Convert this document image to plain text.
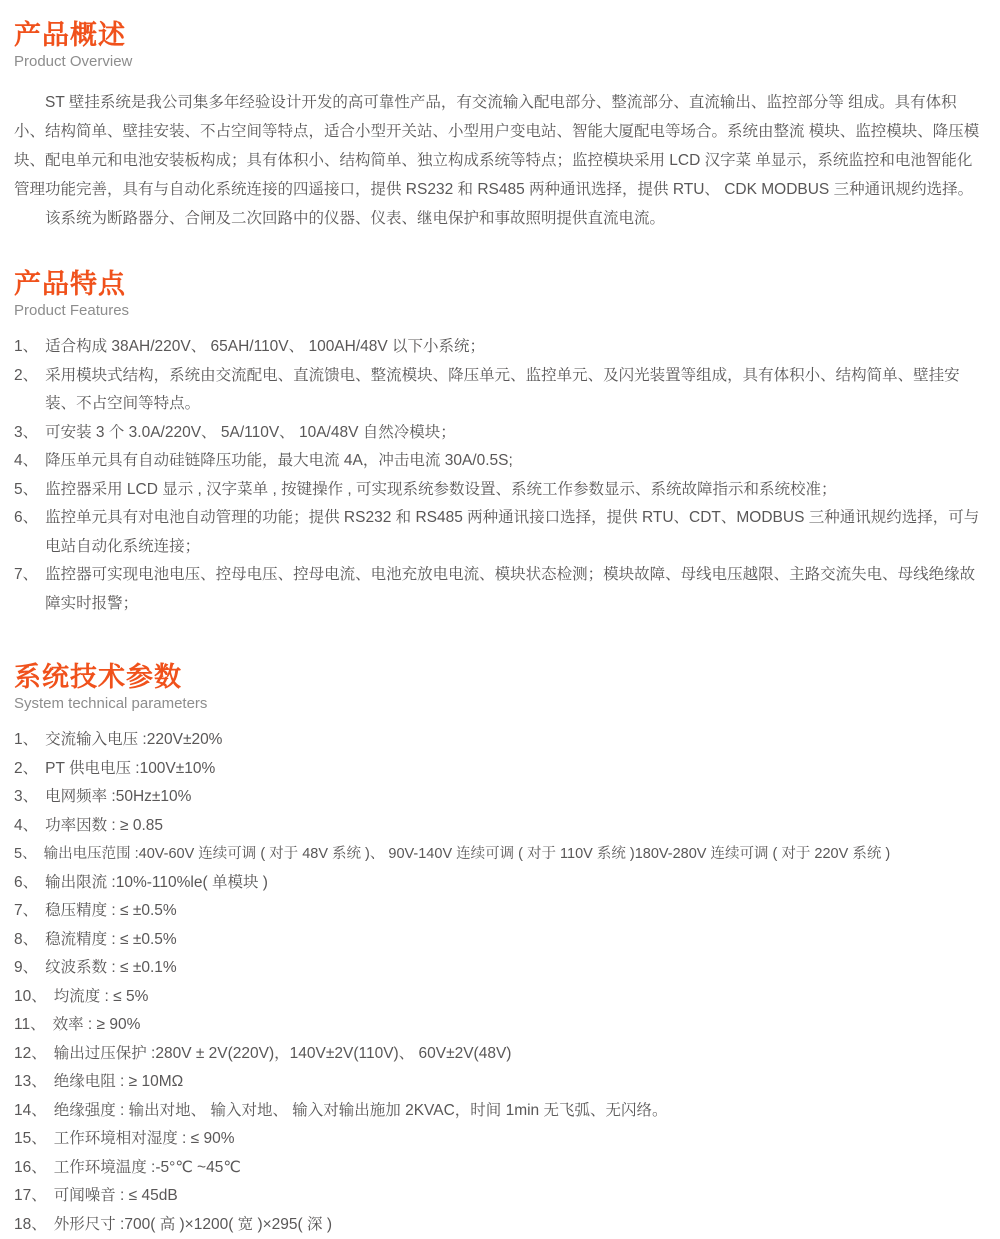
产品概述
Product Overview

ST 壁挂系统是我公司集多年经验设计开发的高可靠性产品，有交流输入配电部分、整流部分、直流输出、监控部分等 组成。具有体积小、结构简单、壁挂安装、不占空间等特点，适合小型开关站、小型用户变电站、智能大厦配电等场合。系统由整流 模块、监控模块、降压模块、配电单元和电池安装板构成；具有体积小、结构简单、独立构成系统等特点；监控模块采用 LCD 汉字菜 单显示，系统监控和电池智能化管理功能完善，具有与自动化系统连接的四遥接口，提供 RS232 和 RS485 两种通讯选择，提供 RTU、 CDK MODBUS 三种通讯规约选择。

该系统为断路器分、合闸及二次回路中的仪器、仪表、继电保护和事故照明提供直流电流。

产品特点
Product Features
1、 适合构成 38AH/220V、 65AH/110V、 100AH/48V 以下小系统；
2、 采用模块式结构，系统由交流配电、直流馈电、整流模块、降压单元、监控单元、及闪光装置等组成，具有体积小、结构简单、壁挂安装、不占空间等特点。
3、 可安装 3 个 3.0A/220V、 5A/110V、 10A/48V 自然冷模块；
4、 降压单元具有自动硅链降压功能，最大电流 4A，冲击电流 30A/0.5S;
5、 监控器采用 LCD 显示 , 汉字菜单 , 按键操作 , 可实现系统参数设置、系统工作参数显示、系统故障指示和系统校准；
6、 监控单元具有对电池自动管理的功能；提供 RS232 和 RS485 两种通讯接口选择，提供 RTU、CDT、MODBUS 三种通讯规约选择，可与电站自动化系统连接；
7、 监控器可实现电池电压、控母电压、控母电流、电池充放电电流、模块状态检测；模块故障、母线电压越限、主路交流失电、母线绝缘故障实时报警；
系统技术参数
System technical parameters
1、 交流输入电压 :220V±20%
2、 PT 供电电压 :100V±10%
3、 电网频率 :50Hz±10%
4、 功率因数 : ≥ 0.85
5、 输出电压范围 :40V-60V 连续可调 ( 对于 48V 系统 )、 90V-140V 连续可调 ( 对于 110V 系统 )180V-280V 连续可调 ( 对于 220V 系统 )
6、 输出限流 :10%-110%le( 单模块 )
7、 稳压精度 : ≤ ±0.5%
8、 稳流精度 : ≤ ±0.5%
9、 纹波系数 : ≤ ±0.1%
10、 均流度 : ≤ 5%
11、 效率 : ≥ 90%
12、 输出过压保护 :280V ± 2V(220V)，140V±2V(110V)、 60V±2V(48V)
13、 绝缘电阻 : ≥ 10MΩ
14、 绝缘强度 : 输出对地、 输入对地、 输入对输出施加 2KVAC，时间 1min 无飞弧、无闪络。
15、 工作环境相对湿度 : ≤ 90%
16、 工作环境温度 :-5°℃ ~45℃
17、 可闻噪音 : ≤ 45dB
18、 外形尺寸 :700( 高 )×1200( 宽 )×295( 深 )
